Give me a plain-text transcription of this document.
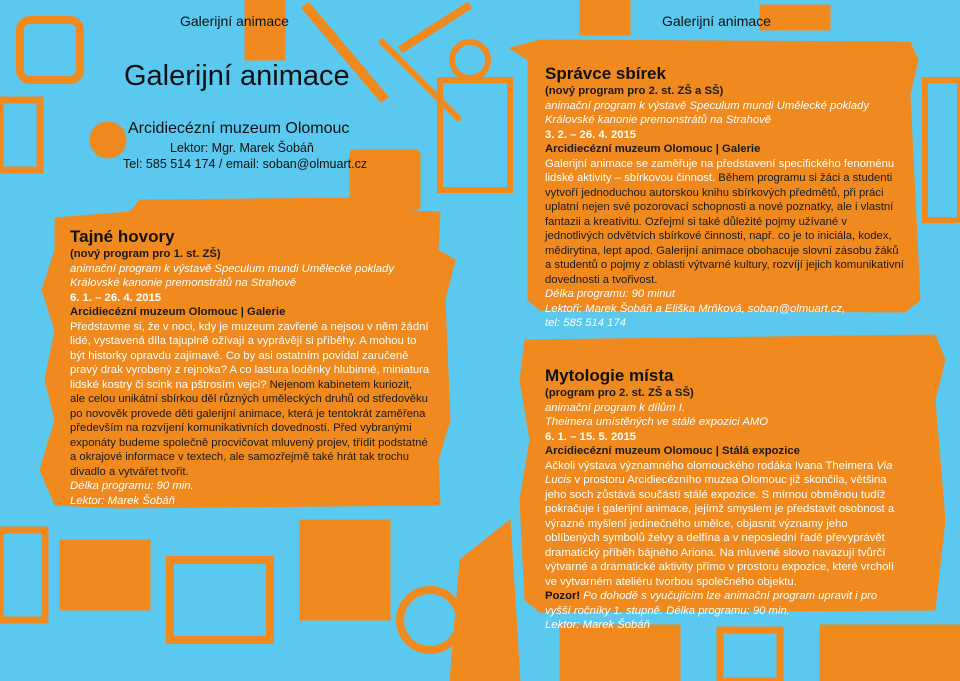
Galerijní animace	Galerijní animace
Galerijní animace
Arcidiecézní muzeum Olomouc
Lektor: Mgr. Marek Šobáň
Tel: 585 514 174 / email: soban@olmuart.cz

Tajné hovory

(nový program pro 1. st. ZŠ)

animační program k výstavě Speculum mundi Umělecké poklady

Královské kanonie premonstrátů na Strahově

6. 1. – 26. 4. 2015

Arcidiecézní muzeum Olomouc | Galerie

Představme si, že v noci, kdy je muzeum zavřené a nejsou v něm žádní lidé, vystavená díla tajuplně ožívají a vyprávějí si příběhy. A mohou to být historky opravdu zajímavé. Co by asi ostatním povídal zaručeně pravý drak vyrobený z rejnoka? A co lastura loděnky hlubinné, miniatura lidské kostry či scink na pštrosím vejci? Nejenom kabinetem kuriozit, ale celou unikátní sbírkou děl různých uměleckých druhů od středověku po novověk provede děti galerijní animace, která je tentokrát zaměřena především na rozvíjení komunikativních dovedností. Před vybranými exponáty budeme společně procvičovat mluvený projev, třídit podstatné a okrajové informace v textech, ale samozřejmě také hrát tak trochu divadlo a vytvářet tvořit.

Délka programu: 90 min.

Lektor: Marek Šobáň

Správce sbírek

(nový program pro 2. st. ZŠ a SŠ)

animační program k výstavě Speculum mundi Umělecké poklady

Královské kanonie premonstrátů na Strahově

3. 2. – 26. 4. 2015

Arcidiecézní muzeum Olomouc | Galerie

Galerijní animace se zaměřuje na představení specifického fenoménu lidské aktivity – sbírkovou činnost. Během programu si žáci a studenti vytvoří jednoduchou autorskou knihu sbírkových předmětů, při práci uplatní nejen své pozorovací schopnosti a nové poznatky, ale i vlastní fantazii a kreativitu. Ozřejmí si také důležité pojmy užívané v jednotlivých odvětvích sbírkové činnosti, např. co je to iniciála, kodex, mědirytina, lept apod. Galerijní animace obohacuje slovní zásobu žáků a studentů o pojmy z oblasti výtvarné kultury, rozvíjí jejich komunikativní dovednosti a tvořivost.

Délka programu: 90 minut

Lektoři: Marek Šobáň a Eliška Mrňková, soban@olmuart.cz,

tel: 585 514 174

Mytologie místa

(program pro 2. st. ZŠ a SŠ)

animační program k dílům I.

Theimera umístěných ve stálé expozici AMO

6. 1. – 15. 5. 2015

Arcidiecézní muzeum Olomouc | Stálá expozice

Ačkoli výstava významného olomouckého rodáka Ivana Theimera Via Lucis v prostoru Arcidiecézního muzea Olomouc již skončila, většina jeho soch zůstává součástí stálé expozice. S mírnou obměnou tudíž pokračuje i galerijní animace, jejímž smyslem je představit osobnost a výrazné myšlení jedinečného umělce, objasnit významy jeho oblíbených symbolů želvy a delfína a v neposlední řadě převyprávět dramatický příběh bájného Ariona. Na mluvené slovo navazují tvůrčí výtvarné a dramatické aktivity přímo v prostoru expozice, které vrcholí ve vytvarném ateliéru tvorbou společného objektu.

Pozor! Po dohodě s vyučujícím lze animační program upravit i pro vyšší ročníky 1. stupně. Délka programu: 90 min.

Lektor: Marek Šobáň
